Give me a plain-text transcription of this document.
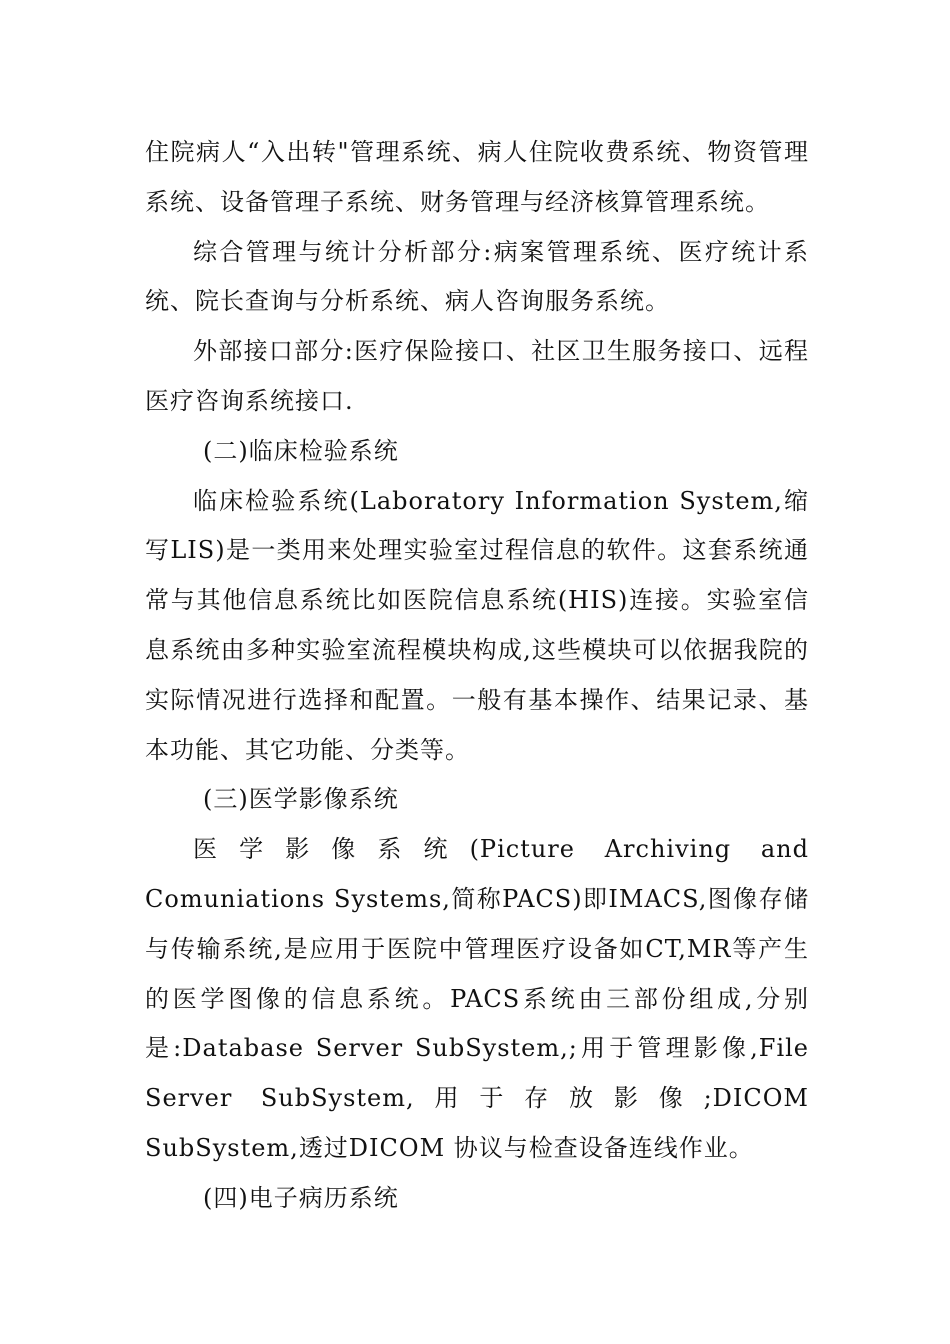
住院病人“入出转"管理系统、病人住院收费系统、物资管理系统、设备管理子系统、财务管理与经济核算管理系统。

综合管理与统计分析部分:病案管理系统、医疗统计系统、院长查询与分析系统、病人咨询服务系统。

外部接口部分:医疗保险接口、社区卫生服务接口、远程医疗咨询系统接口.

(二)临床检验系统

临床检验系统(Laboratory Information System,缩写LIS)是一类用来处理实验室过程信息的软件。这套系统通常与其他信息系统比如医院信息系统(HIS)连接。实验室信息系统由多种实验室流程模块构成,这些模块可以依据我院的实际情况进行选择和配置。一般有基本操作、结果记录、基本功能、其它功能、分类等。

(三)医学影像系统

医学影像系统(Picture Archiving and Comuniations Systems,简称PACS)即IMACS,图像存储与传输系统,是应用于医院中管理医疗设备如CT,MR等产生的医学图像的信息系统。PACS系统由三部份组成,分别是:Database Server SubSystem,;用于管理影像,File Server SubSystem,用于存放影像;DICOM SubSystem,透过DICOM 协议与检查设备连线作业。

(四)电子病历系统
